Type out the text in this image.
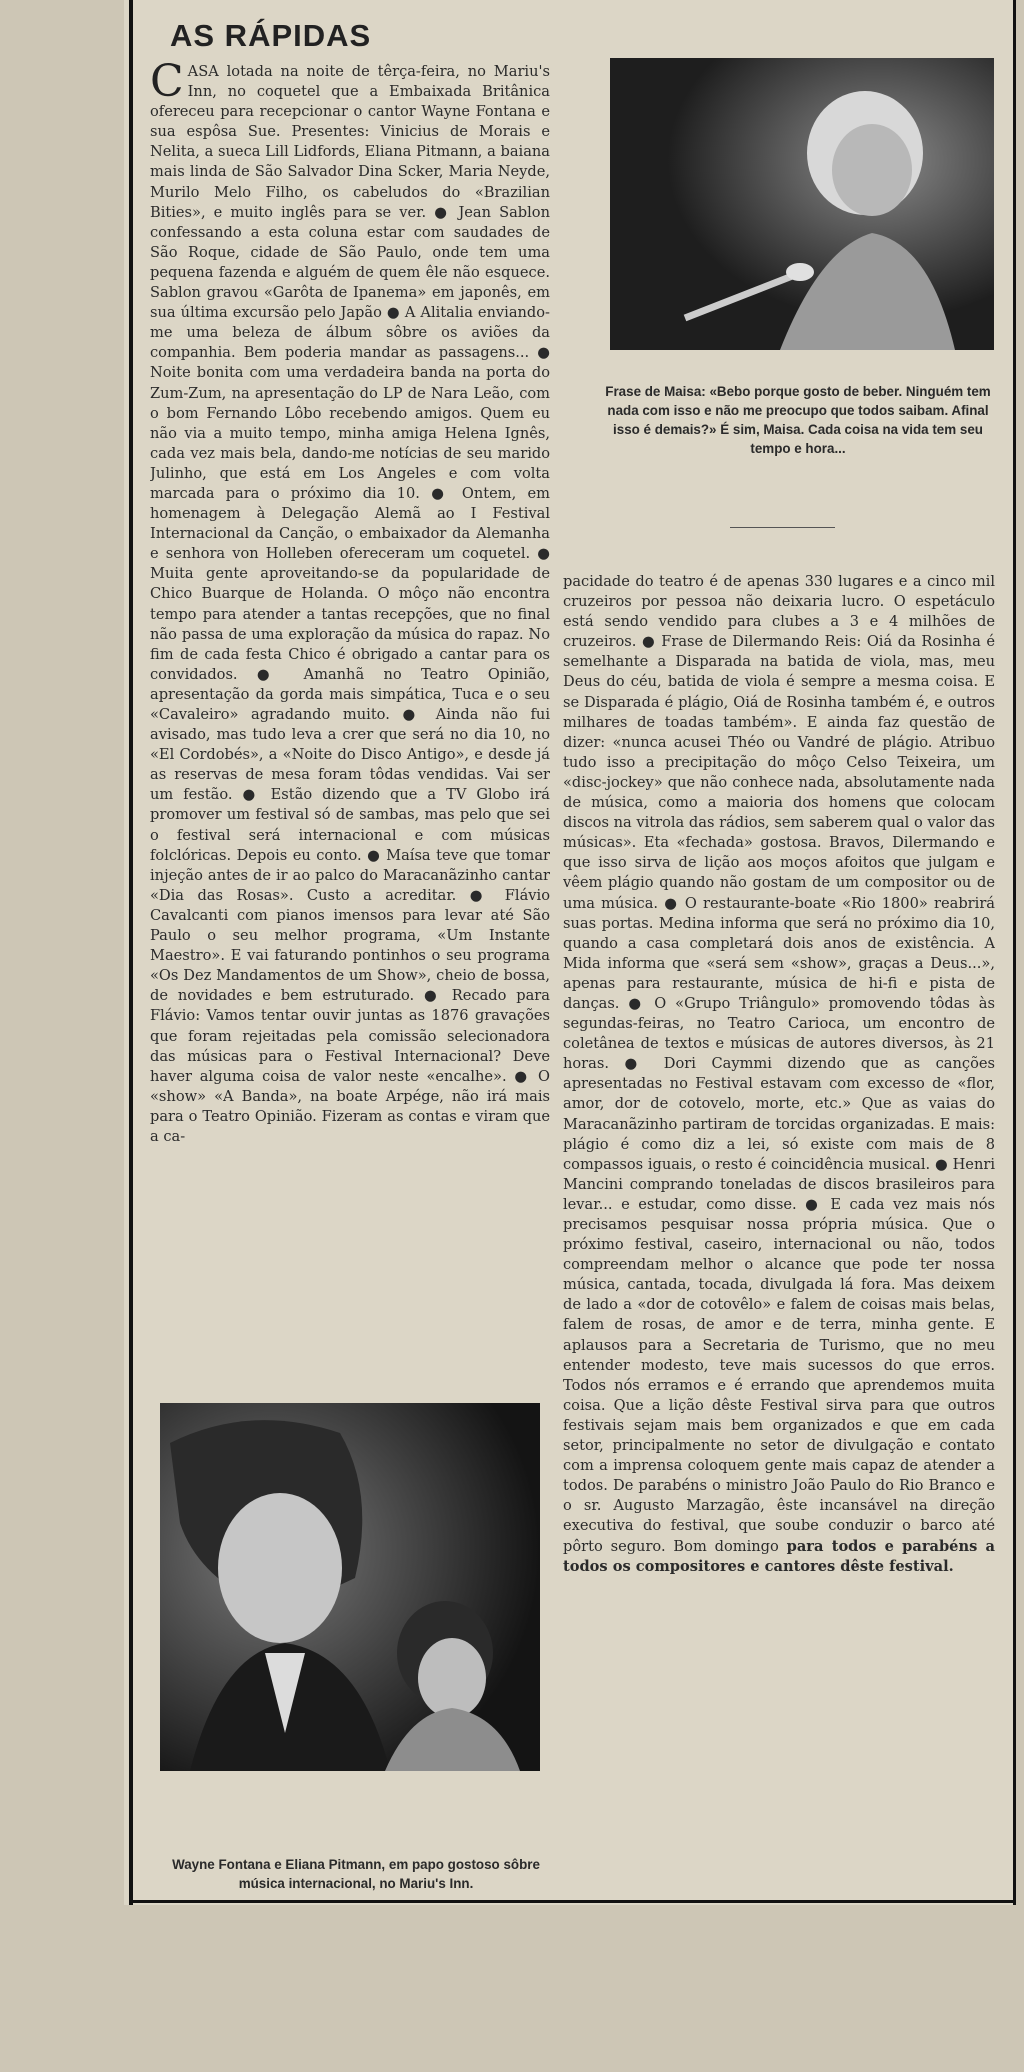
AS RÁPIDAS

Frase de Maisa: «Bebo porque gosto de beber. Ninguém tem nada com isso e não me preocupo que todos saibam. Afinal isso é demais?» É sim, Maisa. Cada coisa na vida tem seu tempo e hora...

CASA lotada na noite de têrça-feira, no Mariu's Inn, no coquetel que a Embaixada Britânica ofereceu para recepcionar o cantor Wayne Fontana e sua espôsa Sue. Presentes: Vinicius de Morais e Nelita, a sueca Lill Lidfords, Eliana Pitmann, a baiana mais linda de São Salvador Dina Scker, Maria Neyde, Murilo Melo Filho, os cabeludos do «Brazilian Bities», e muito inglês para se ver. ● Jean Sablon confessando a esta coluna estar com saudades de São Roque, cidade de São Paulo, onde tem uma pequena fazenda e alguém de quem êle não esquece. Sablon gravou «Garôta de Ipanema» em japonês, em sua última excursão pelo Japão ● A Alitalia enviando-me uma beleza de álbum sôbre os aviões da companhia. Bem poderia mandar as passagens... ● Noite bonita com uma verdadeira banda na porta do Zum-Zum, na apresentação do LP de Nara Leão, com o bom Fernando Lôbo recebendo amigos. Quem eu não via a muito tempo, minha amiga Helena Ignês, cada vez mais bela, dando-me notícias de seu marido Julinho, que está em Los Angeles e com volta marcada para o próximo dia 10. ● Ontem, em homenagem à Delegação Alemã ao I Festival Internacional da Canção, o embaixador da Alemanha e senhora von Holleben ofereceram um coquetel. ● Muita gente aproveitando-se da popularidade de Chico Buarque de Holanda. O môço não encontra tempo para atender a tantas recepções, que no final não passa de uma exploração da música do rapaz. No fim de cada festa Chico é obrigado a cantar para os convidados. ● Amanhã no Teatro Opinião, apresentação da gorda mais simpática, Tuca e o seu «Cavaleiro» agradando muito. ● Ainda não fui avisado, mas tudo leva a crer que será no dia 10, no «El Cordobés», a «Noite do Disco Antigo», e desde já as reservas de mesa foram tôdas vendidas. Vai ser um festão. ● Estão dizendo que a TV Globo irá promover um festival só de sambas, mas pelo que sei o festival será internacional e com músicas folclóricas. Depois eu conto. ● Maísa teve que tomar injeção antes de ir ao palco do Maracanãzinho cantar «Dia das Rosas». Custo a acreditar. ● Flávio Cavalcanti com pianos imensos para levar até São Paulo o seu melhor programa, «Um Instante Maestro». E vai faturando pontinhos o seu programa «Os Dez Mandamentos de um Show», cheio de bossa, de novidades e bem estruturado. ● Recado para Flávio: Vamos tentar ouvir juntas as 1876 gravações que foram rejeitadas pela comissão selecionadora das músicas para o Festival Internacional? Deve haver alguma coisa de valor neste «encalhe». ● O «show» «A Banda», na boate Arpége, não irá mais para o Teatro Opinião. Fizeram as contas e viram que a ca-

Wayne Fontana e Eliana Pitmann, em papo gostoso sôbre música internacional, no Mariu's Inn.

pacidade do teatro é de apenas 330 lugares e a cinco mil cruzeiros por pessoa não deixaria lucro. O espetáculo está sendo vendido para clubes a 3 e 4 milhões de cruzeiros. ● Frase de Dilermando Reis: Oiá da Rosinha é semelhante a Disparada na batida de viola, mas, meu Deus do céu, batida de viola é sempre a mesma coisa. E se Disparada é plágio, Oiá de Rosinha também é, e outros milhares de toadas também». E ainda faz questão de dizer: «nunca acusei Théo ou Vandré de plágio. Atribuo tudo isso a precipitação do môço Celso Teixeira, um «disc-jockey» que não conhece nada, absolutamente nada de música, como a maioria dos homens que colocam discos na vitrola das rádios, sem saberem qual o valor das músicas». Eta «fechada» gostosa. Bravos, Dilermando e que isso sirva de lição aos moços afoitos que julgam e vêem plágio quando não gostam de um compositor ou de uma música. ● O restaurante-boate «Rio 1800» reabrirá suas portas. Medina informa que será no próximo dia 10, quando a casa completará dois anos de existência. A Mida informa que «será sem «show», graças a Deus...», apenas para restaurante, música de hi-fi e pista de danças. ● O «Grupo Triângulo» promovendo tôdas às segundas-feiras, no Teatro Carioca, um encontro de coletânea de textos e músicas de autores diversos, às 21 horas. ● Dori Caymmi dizendo que as canções apresentadas no Festival estavam com excesso de «flor, amor, dor de cotovelo, morte, etc.» Que as vaias do Maracanãzinho partiram de torcidas organizadas. E mais: plágio é como diz a lei, só existe com mais de 8 compassos iguais, o resto é coincidência musical. ● Henri Mancini comprando toneladas de discos brasileiros para levar... e estudar, como disse. ● E cada vez mais nós precisamos pesquisar nossa própria música. Que o próximo festival, caseiro, internacional ou não, todos compreendam melhor o alcance que pode ter nossa música, cantada, tocada, divulgada lá fora. Mas deixem de lado a «dor de cotovêlo» e falem de coisas mais belas, falem de rosas, de amor e de terra, minha gente. E aplausos para a Secretaria de Turismo, que no meu entender modesto, teve mais sucessos do que erros. Todos nós erramos e é errando que aprendemos muita coisa. Que a lição dêste Festival sirva para que outros festivais sejam mais bem organizados e que em cada setor, principalmente no setor de divulgação e contato com a imprensa coloquem gente mais capaz de atender a todos. De parabéns o ministro João Paulo do Rio Branco e o sr. Augusto Marzagão, êste incansável na direção executiva do festival, que soube conduzir o barco até pôrto seguro. Bom domingo para todos e parabéns a todos os compositores e cantores dêste festival.
